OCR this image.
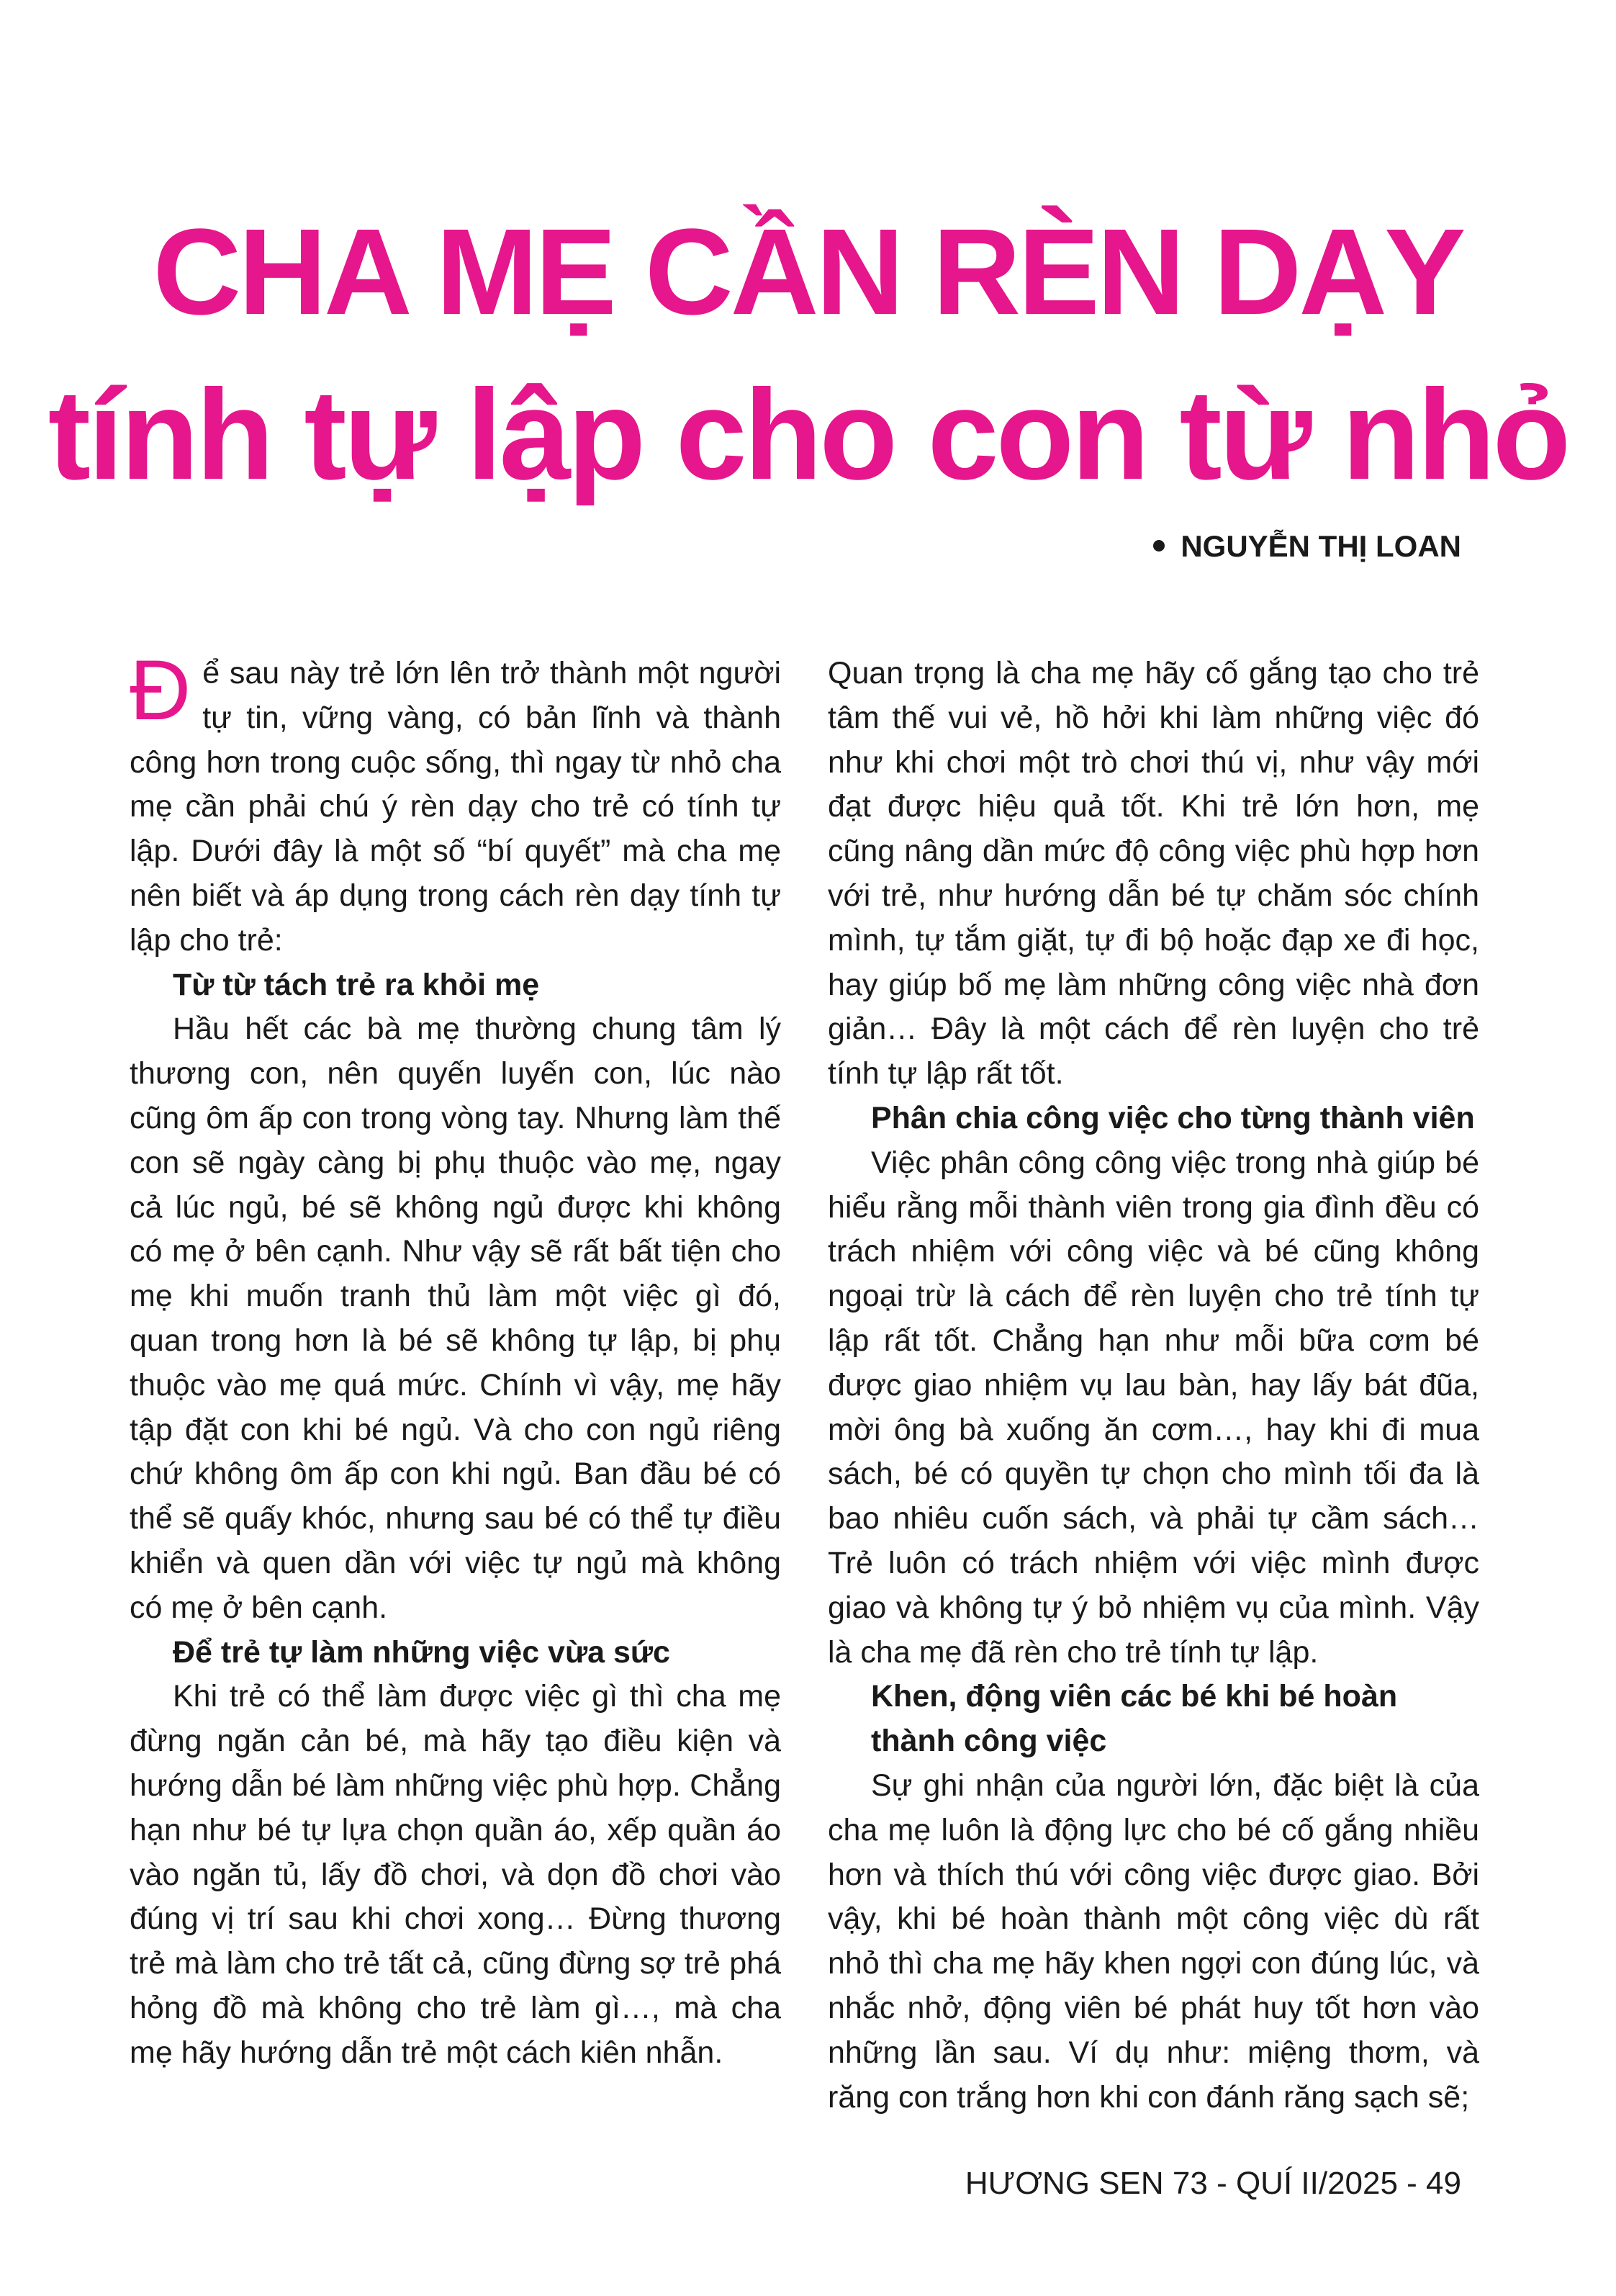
CHA MẸ CẦN RÈN DẠY
tính tự lập cho con từ nhỏ
NGUYỄN THỊ LOAN

Để sau này trẻ lớn lên trở thành một người tự tin, vững vàng, có bản lĩnh và thành công hơn trong cuộc sống, thì ngay từ nhỏ cha mẹ cần phải chú ý rèn dạy cho trẻ có tính tự lập. Dưới đây là một số “bí quyết” mà cha mẹ nên biết và áp dụng trong cách rèn dạy tính tự lập cho trẻ:

Từ từ tách trẻ ra khỏi mẹ

Hầu hết các bà mẹ thường chung tâm lý thương con, nên quyến luyến con, lúc nào cũng ôm ấp con trong vòng tay. Nhưng làm thế con sẽ ngày càng bị phụ thuộc vào mẹ, ngay cả lúc ngủ, bé sẽ không ngủ được khi không có mẹ ở bên cạnh. Như vậy sẽ rất bất tiện cho mẹ khi muốn tranh thủ làm một việc gì đó, quan trong hơn là bé sẽ không tự lập, bị phụ thuộc vào mẹ quá mức. Chính vì vậy, mẹ hãy tập đặt con khi bé ngủ. Và cho con ngủ riêng chứ không ôm ấp con khi ngủ. Ban đầu bé có thể sẽ quấy khóc, nhưng sau bé có thể tự điều khiển và quen dần với việc tự ngủ mà không có mẹ ở bên cạnh.

Để trẻ tự làm những việc vừa sức

Khi trẻ có thể làm được việc gì thì cha mẹ đừng ngăn cản bé, mà hãy tạo điều kiện và hướng dẫn bé làm những việc phù hợp. Chẳng hạn như bé tự lựa chọn quần áo, xếp quần áo vào ngăn tủ, lấy đồ chơi, và dọn đồ chơi vào đúng vị trí sau khi chơi xong… Đừng thương trẻ mà làm cho trẻ tất cả, cũng đừng sợ trẻ phá hỏng đồ mà không cho trẻ làm gì…, mà cha mẹ hãy hướng dẫn trẻ một cách kiên nhẫn.

Quan trọng là cha mẹ hãy cố gắng tạo cho trẻ tâm thế vui vẻ, hồ hởi khi làm những việc đó như khi chơi một trò chơi thú vị, như vậy mới đạt được hiệu quả tốt. Khi trẻ lớn hơn, mẹ cũng nâng dần mức độ công việc phù hợp hơn với trẻ, như hướng dẫn bé tự chăm sóc chính mình, tự tắm giặt, tự đi bộ hoặc đạp xe đi học, hay giúp bố mẹ làm những công việc nhà đơn giản… Đây là một cách để rèn luyện cho trẻ tính tự lập rất tốt.

Phân chia công việc cho từng thành viên

Việc phân công công việc trong nhà giúp bé hiểu rằng mỗi thành viên trong gia đình đều có trách nhiệm với công việc và bé cũng không ngoại trừ là cách để rèn luyện cho trẻ tính tự lập rất tốt. Chẳng hạn như mỗi bữa cơm bé được giao nhiệm vụ lau bàn, hay lấy bát đũa, mời ông bà xuống ăn cơm…, hay khi đi mua sách, bé có quyền tự chọn cho mình tối đa là bao nhiêu cuốn sách, và phải tự cầm sách… Trẻ luôn có trách nhiệm với việc mình được giao và không tự ý bỏ nhiệm vụ của mình. Vậy là cha mẹ đã rèn cho trẻ tính tự lập.

Khen, động viên các bé khi bé hoàn thành công việc

Sự ghi nhận của người lớn, đặc biệt là của cha mẹ luôn là động lực cho bé cố gắng nhiều hơn và thích thú với công việc được giao. Bởi vậy, khi bé hoàn thành một công việc dù rất nhỏ thì cha mẹ hãy khen ngợi con đúng lúc, và nhắc nhở, động viên bé phát huy tốt hơn vào những lần sau. Ví dụ như: miệng thơm, và răng con trắng hơn khi con đánh răng sạch sẽ;

HƯƠNG SEN 73 - QUÍ II/2025 - 49
